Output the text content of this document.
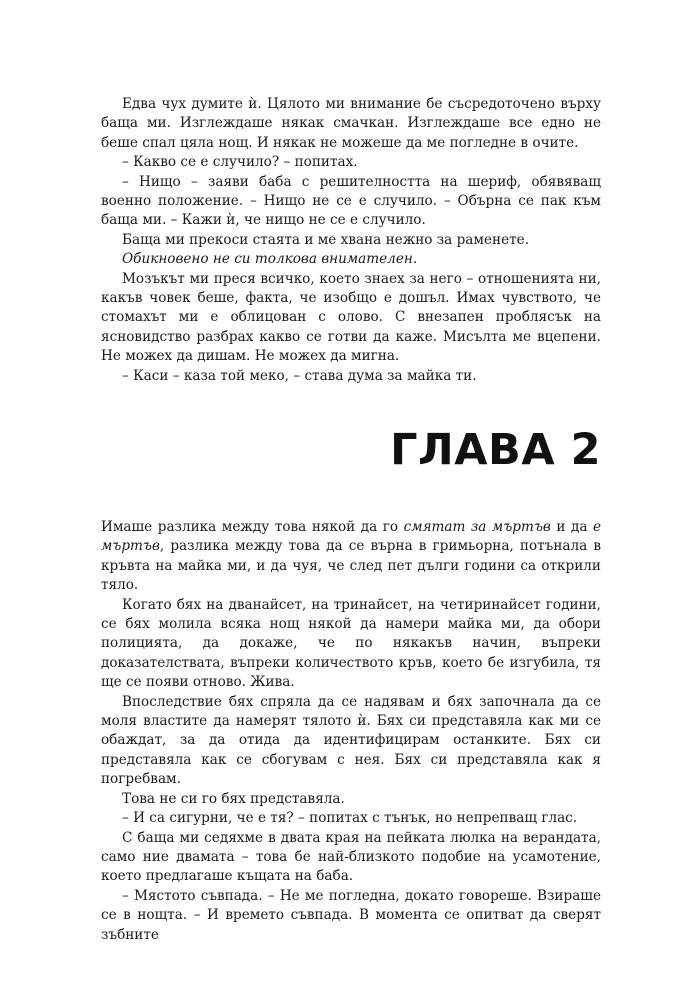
Едва чух думите ѝ. Цялото ми внимание бе съсредоточено върху баща ми. Изглеждаше някак смачкан. Изглеждаше все едно не беше спал цяла нощ. И някак не можеше да ме погледне в очите.

– Какво се е случило? – попитах.

– Нищо – заяви баба с решителността на шериф, обявяващ военно положение. – Нищо не се е случило. – Обърна се пак към баща ми. – Кажи ѝ, че нищо не се е случило.

Баща ми прекоси стаята и ме хвана нежно за раменете.

Обикновено не си толкова внимателен.

Мозъкът ми преся всичко, което знаех за него – отношенията ни, какъв човек беше, факта, че изобщо е дошъл. Имах чувството, че стомахът ми е облицован с олово. С внезапен проблясък на ясновидство разбрах какво се готви да каже. Мисълта ме вцепени. Не можех да дишам. Не можех да мигна.

– Каси – каза той меко, – става дума за майка ти.

ГЛАВА 2

Имаше разлика между това някой да го смятат за мъртъв и да е мъртъв, разлика между това да се върна в гримьорна, потънала в кръвта на майка ми, и да чуя, че след пет дълги години са открили тяло.

Когато бях на дванайсет, на тринайсет, на четиринайсет години, се бях молила всяка нощ някой да намери майка ми, да обори полицията, да докаже, че по някакъв начин, въпреки доказателствата, въпреки количеството кръв, което бе изгубила, тя ще се появи отново. Жива.

Впоследствие бях спряла да се надявам и бях започнала да се моля властите да намерят тялото ѝ. Бях си представяла как ми се обаждат, за да отида да идентифицирам останките. Бях си представяла как се сбогувам с нея. Бях си представяла как я погребвам.

Това не си го бях представяла.

– И са сигурни, че е тя? – попитах с тънък, но непрепващ глас.

С баща ми седяхме в двата края на пейката люлка на верандата, само ние двамата – това бе най-близкото подобие на усамотение, което предлагаше къщата на баба.

– Мястото съвпада. – Не ме погледна, докато говореше. Взираше се в нощта. – И времето съвпада. В момента се опитват да сверят зъбните
